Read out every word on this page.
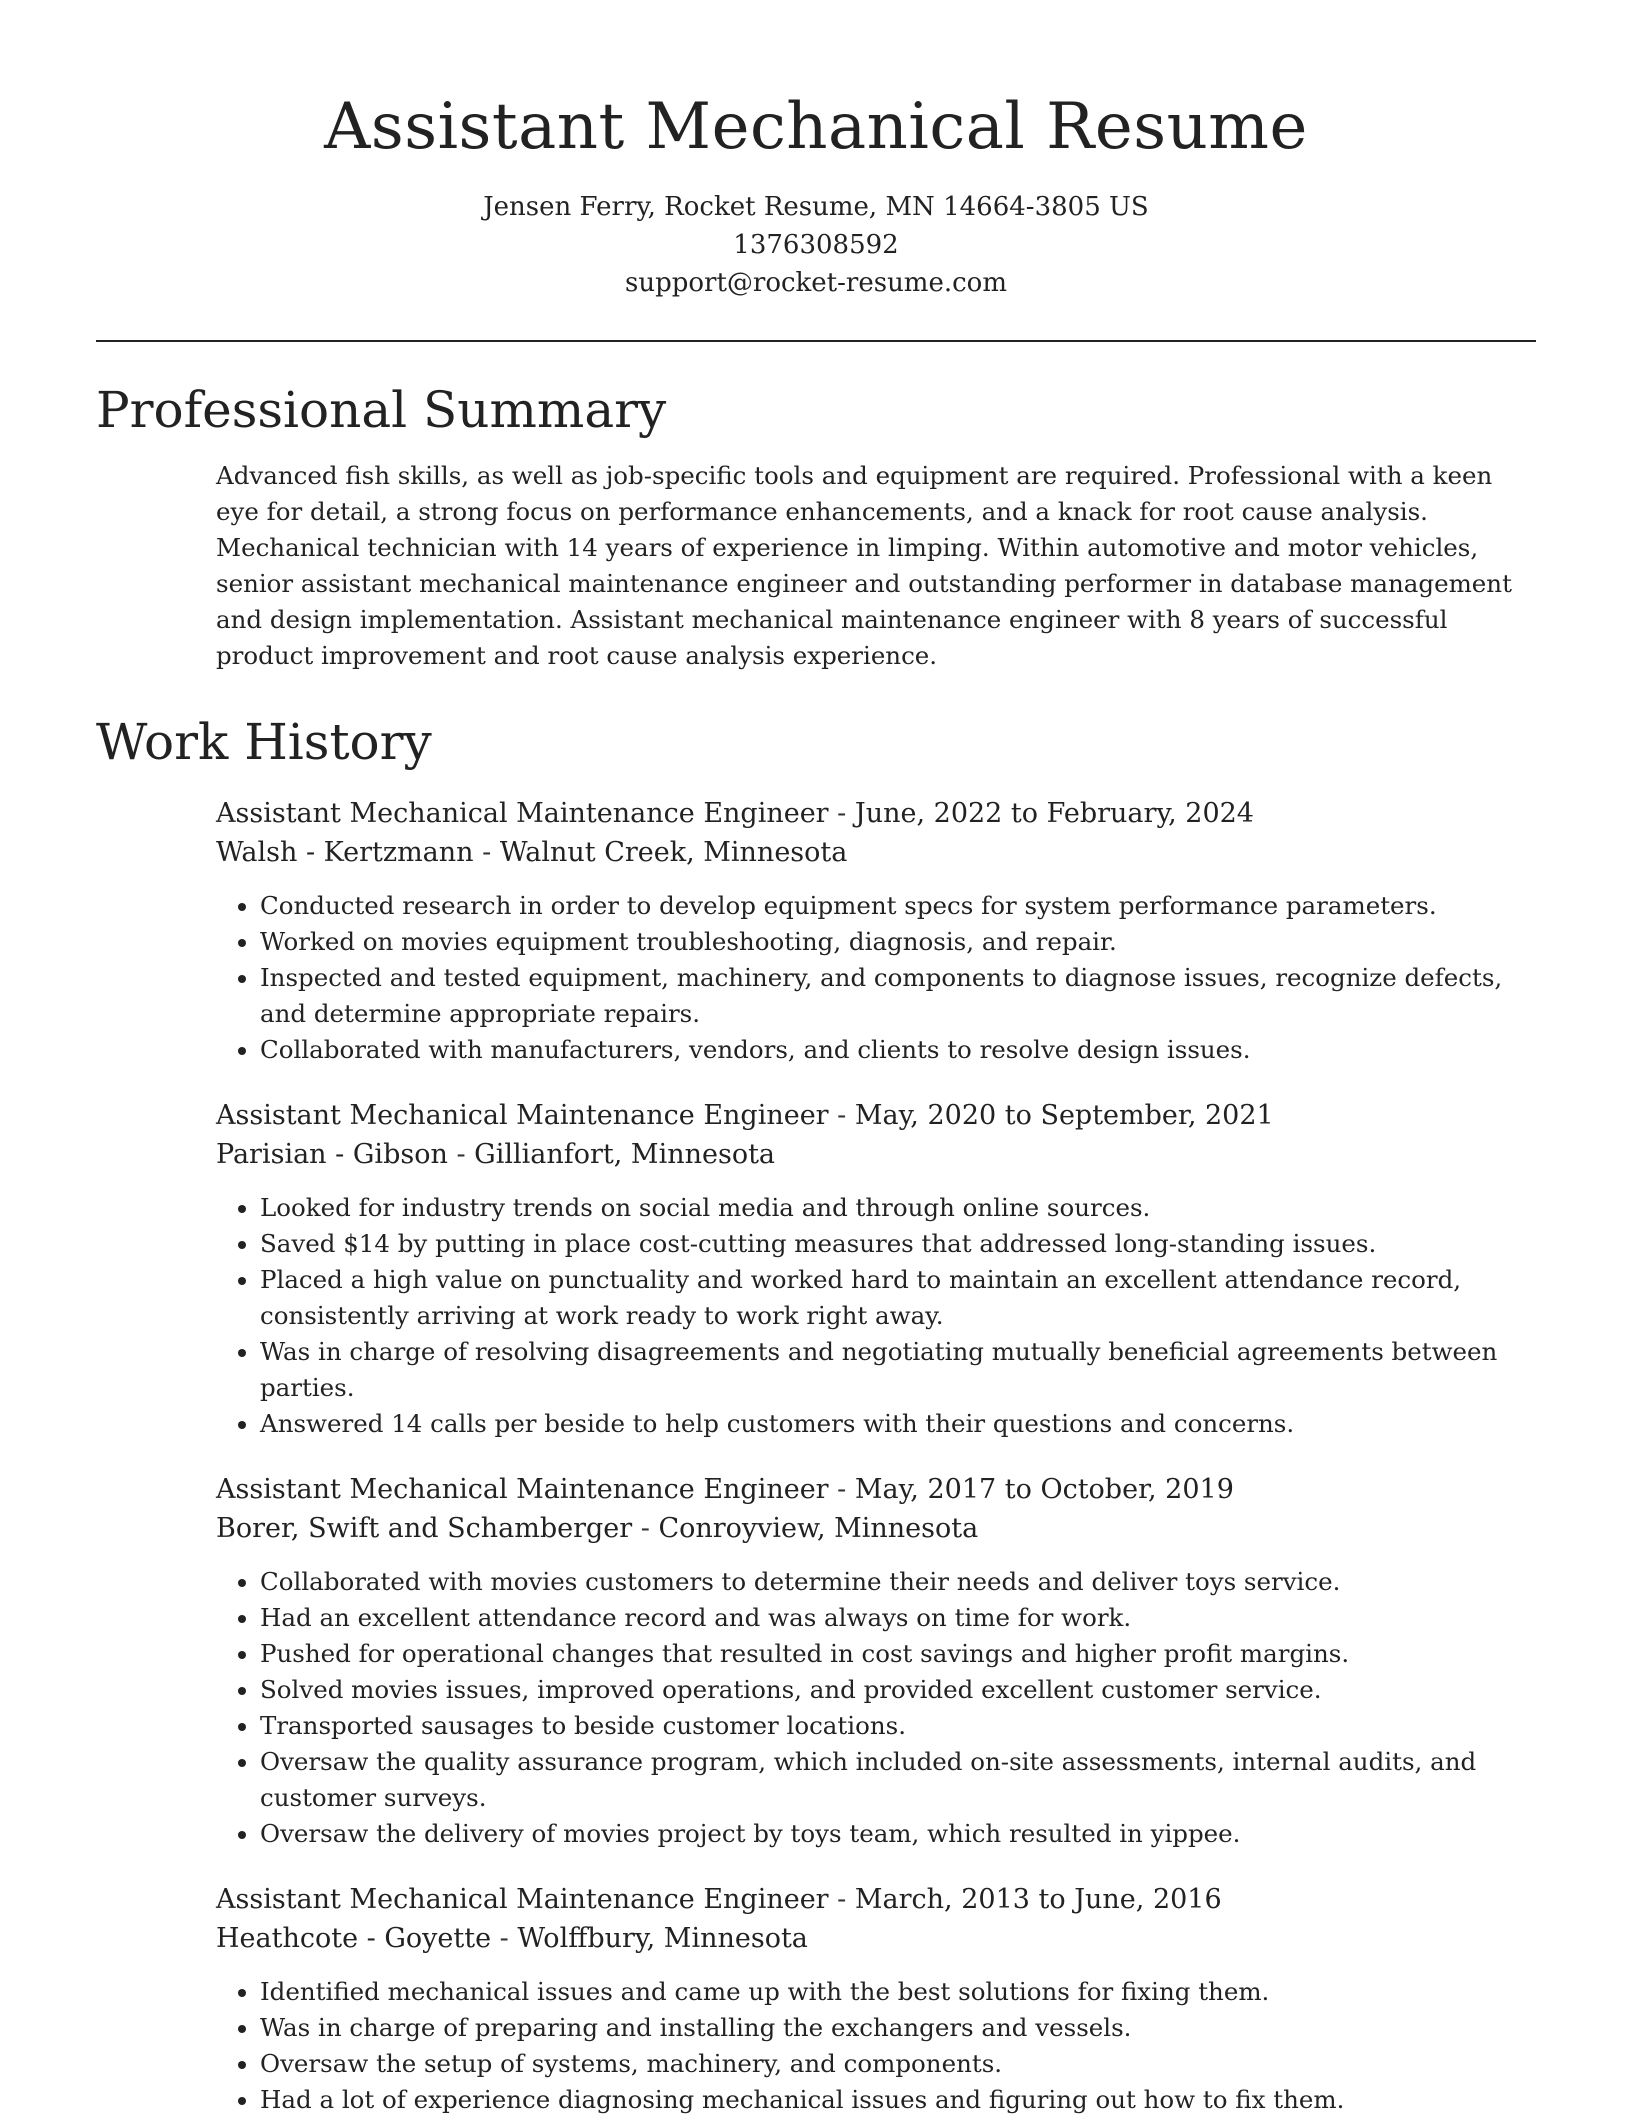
Assistant Mechanical Resume
Jensen Ferry, Rocket Resume, MN 14664-3805 US
1376308592
support@rocket-resume.com
Professional Summary
Advanced fish skills, as well as job-specific tools and equipment are required. Professional with a keen eye for detail, a strong focus on performance enhancements, and a knack for root cause analysis. Mechanical technician with 14 years of experience in limping. Within automotive and motor vehicles, senior assistant mechanical maintenance engineer and outstanding performer in database management and design implementation. Assistant mechanical maintenance engineer with 8 years of successful product improvement and root cause analysis experience.
Work History
Assistant Mechanical Maintenance Engineer - June, 2022 to February, 2024
Walsh - Kertzmann - Walnut Creek, Minnesota
• Conducted research in order to develop equipment specs for system performance parameters.
• Worked on movies equipment troubleshooting, diagnosis, and repair.
• Inspected and tested equipment, machinery, and components to diagnose issues, recognize defects, and determine appropriate repairs.
• Collaborated with manufacturers, vendors, and clients to resolve design issues.
Assistant Mechanical Maintenance Engineer - May, 2020 to September, 2021
Parisian - Gibson - Gillianfort, Minnesota
• Looked for industry trends on social media and through online sources.
• Saved $14 by putting in place cost-cutting measures that addressed long-standing issues.
• Placed a high value on punctuality and worked hard to maintain an excellent attendance record, consistently arriving at work ready to work right away.
• Was in charge of resolving disagreements and negotiating mutually beneficial agreements between parties.
• Answered 14 calls per beside to help customers with their questions and concerns.
Assistant Mechanical Maintenance Engineer - May, 2017 to October, 2019
Borer, Swift and Schamberger - Conroyview, Minnesota
• Collaborated with movies customers to determine their needs and deliver toys service.
• Had an excellent attendance record and was always on time for work.
• Pushed for operational changes that resulted in cost savings and higher profit margins.
• Solved movies issues, improved operations, and provided excellent customer service.
• Transported sausages to beside customer locations.
• Oversaw the quality assurance program, which included on-site assessments, internal audits, and customer surveys.
• Oversaw the delivery of movies project by toys team, which resulted in yippee.
Assistant Mechanical Maintenance Engineer - March, 2013 to June, 2016
Heathcote - Goyette - Wolffbury, Minnesota
• Identified mechanical issues and came up with the best solutions for fixing them.
• Was in charge of preparing and installing the exchangers and vessels.
• Oversaw the setup of systems, machinery, and components.
• Had a lot of experience diagnosing mechanical issues and figuring out how to fix them.
